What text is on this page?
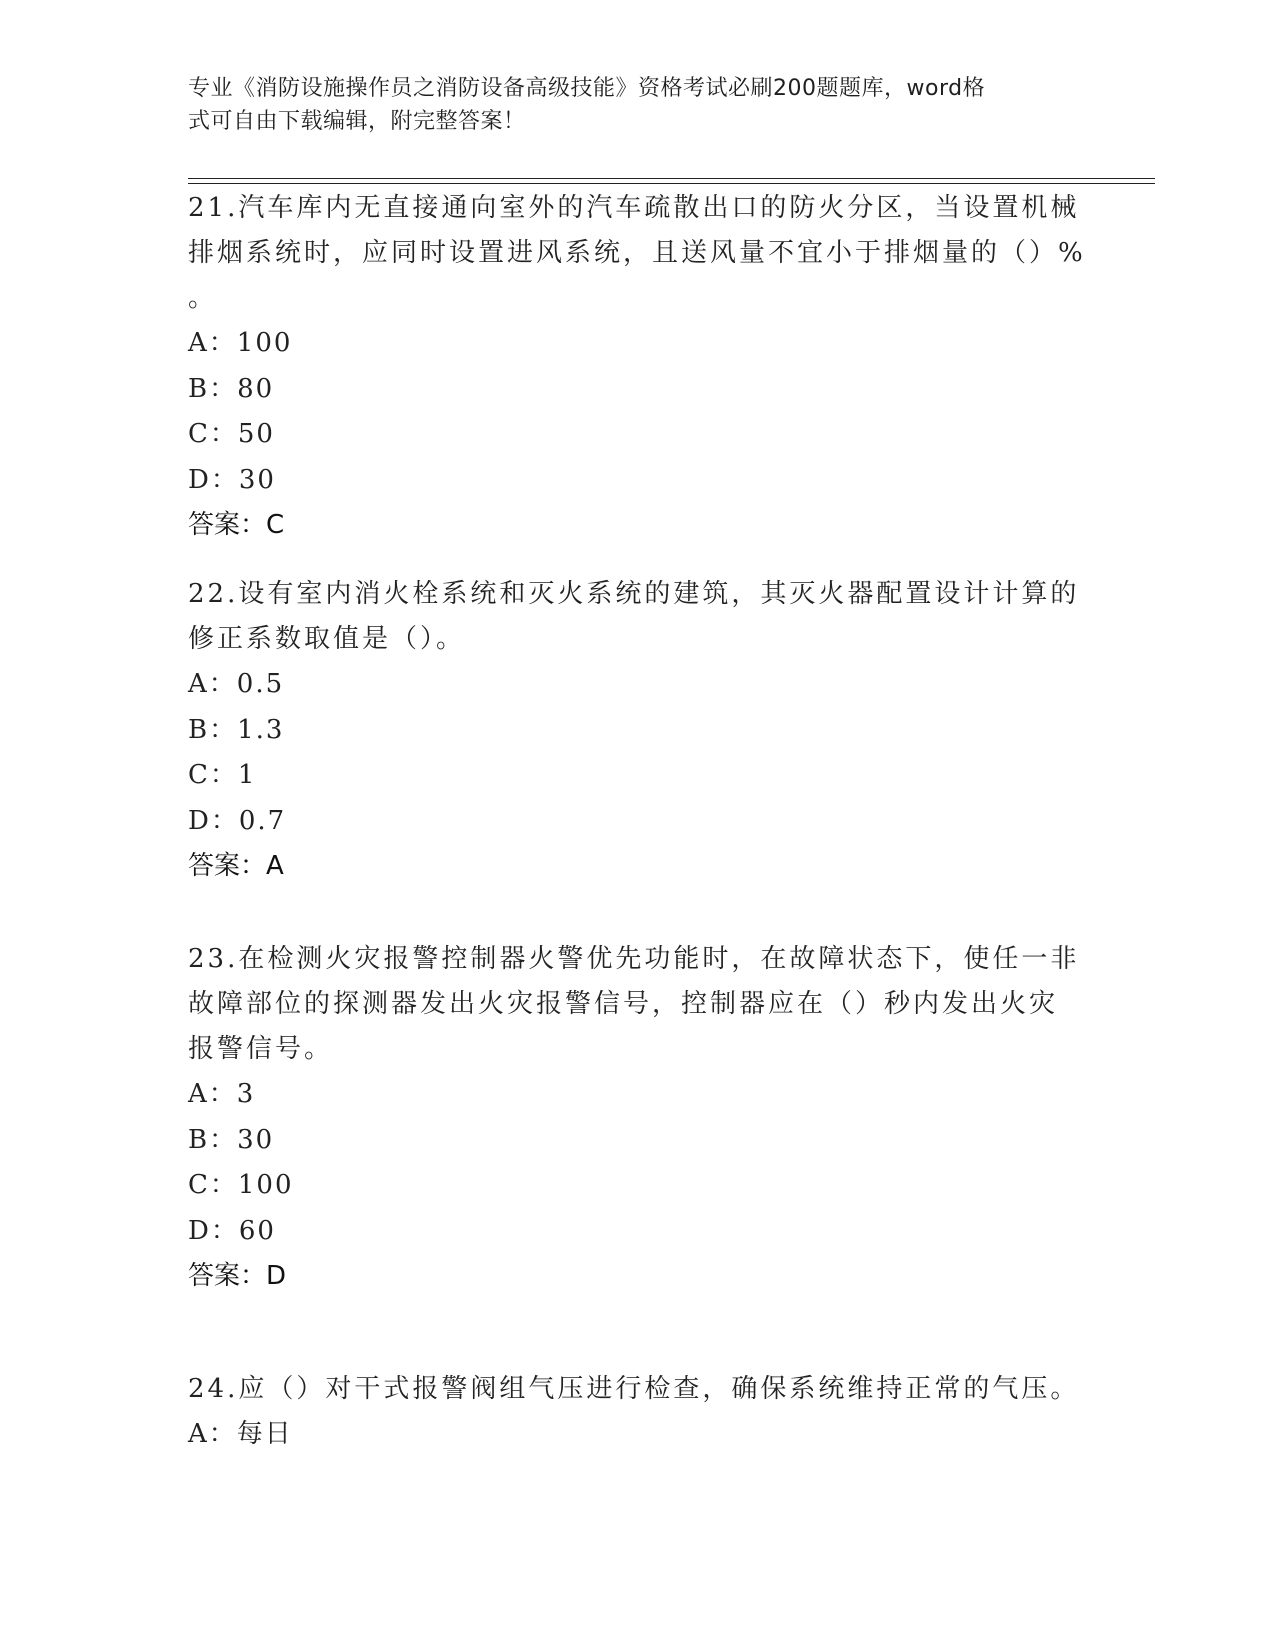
专业《消防设施操作员之消防设备高级技能》资格考试必刷200题题库，word格
式可自由下载编辑，附完整答案！

21.汽车库内无直接通向室外的汽车疏散出口的防火分区，当设置机械

排烟系统时，应同时设置进风系统，且送风量不宜小于排烟量的（）%

。

A：100

B：80

C：50

D：30

答案：C

22.设有室内消火栓系统和灭火系统的建筑，其灭火器配置设计计算的

修正系数取值是（）。

A：0.5

B：1.3

C：1

D：0.7

答案：A

23.在检测火灾报警控制器火警优先功能时，在故障状态下，使任一非

故障部位的探测器发出火灾报警信号，控制器应在（）秒内发出火灾

报警信号。

A：3

B：30

C：100

D：60

答案：D

24.应（）对干式报警阀组气压进行检查，确保系统维持正常的气压。

A：每日
